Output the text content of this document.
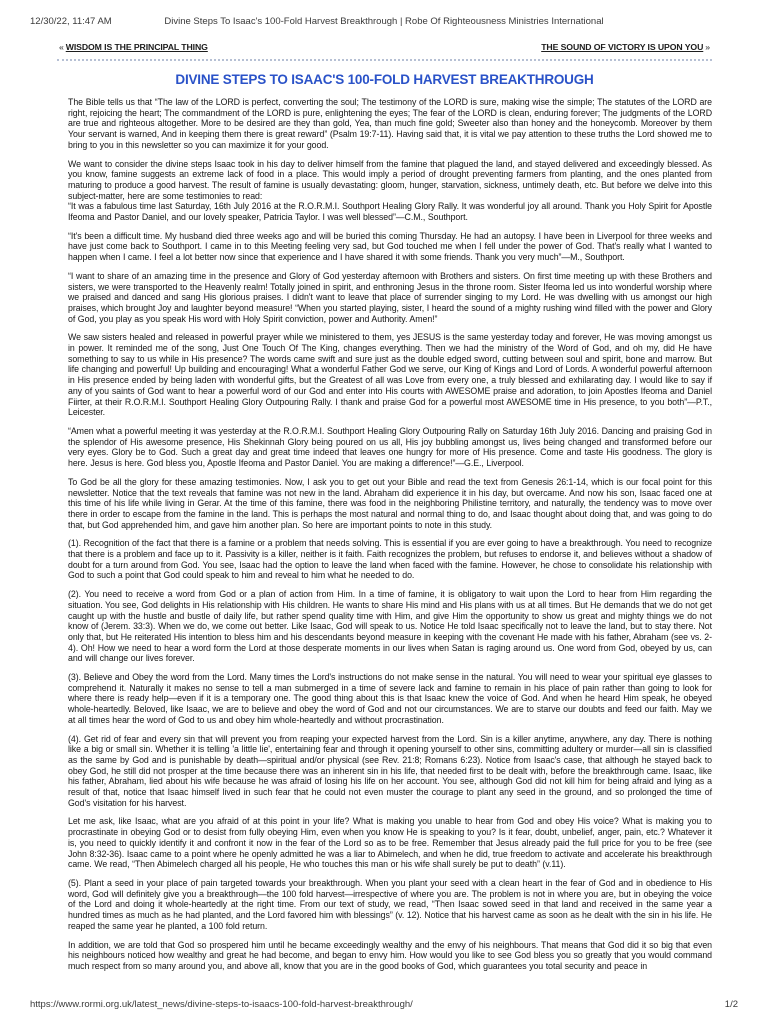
12/30/22, 11:47 AM	Divine Steps To Isaac's 100-Fold Harvest Breakthrough | Robe Of Righteousness Ministries International
« WISDOM IS THE PRINCIPAL THING	THE SOUND OF VICTORY IS UPON YOU »
DIVINE STEPS TO ISAAC'S 100-FOLD HARVEST BREAKTHROUGH

The Bible tells us that “The law of the LORD is perfect, converting the soul; The testimony of the LORD is sure, making wise the simple; The statutes of the LORD are right, rejoicing the heart; The commandment of the LORD is pure, enlightening the eyes; The fear of the LORD is clean, enduring forever; The judgments of the LORD are true and righteous altogether. More to be desired are they than gold, Yea, than much fine gold; Sweeter also than honey and the honeycomb. Moreover by them Your servant is warned, And in keeping them there is great reward” (Psalm 19:7-11). Having said that, it is vital we pay attention to these truths the Lord showed me to bring to you in this newsletter so you can maximize it for your good.

We want to consider the divine steps Isaac took in his day to deliver himself from the famine that plagued the land, and stayed delivered and exceedingly blessed. As you know, famine suggests an extreme lack of food in a place. This would imply a period of drought preventing farmers from planting, and the ones planted from maturing to produce a good harvest. The result of famine is usually devastating: gloom, hunger, starvation, sickness, untimely death, etc. But before we delve into this subject-matter, here are some testimonies to read:

“It was a fabulous time last Saturday, 16th July 2016 at the R.O.R.M.I. Southport Healing Glory Rally. It was wonderful joy all around. Thank you Holy Spirit for Apostle Ifeoma and Pastor Daniel, and our lovely speaker, Patricia Taylor. I was well blessed”—C.M., Southport.

“It's been a difficult time. My husband died three weeks ago and will be buried this coming Thursday. He had an autopsy. I have been in Liverpool for three weeks and have just come back to Southport. I came in to this Meeting feeling very sad, but God touched me when I fell under the power of God. That's really what I wanted to happen when I came. I feel a lot better now since that experience and I have shared it with some friends. Thank you very much”—M., Southport.

“I want to share of an amazing time in the presence and Glory of God yesterday afternoon with Brothers and sisters. On first time meeting up with these Brothers and sisters, we were transported to the Heavenly realm! Totally joined in spirit, and enthroning Jesus in the throne room. Sister Ifeoma led us into wonderful worship where we praised and danced and sang His glorious praises. I didn't want to leave that place of surrender singing to my Lord. He was dwelling with us amongst our high praises, which brought Joy and laughter beyond measure! “When you started playing, sister, I heard the sound of a mighty rushing wind filled with the power and Glory of God, you play as you speak His word with Holy Spirit conviction, power and Authority. Amen!”

We saw sisters healed and released in powerful prayer while we ministered to them, yes JESUS is the same yesterday today and forever, He was moving amongst us in power. It reminded me of the song, Just One Touch Of The King, changes everything. Then we had the ministry of the Word of God, and oh my, did He have something to say to us while in His presence? The words came swift and sure just as the double edged sword, cutting between soul and spirit, bone and marrow. But life changing and powerful! Up building and encouraging! What a wonderful Father God we serve, our King of Kings and Lord of Lords. A wonderful powerful afternoon in His presence ended by being laden with wonderful gifts, but the Greatest of all was Love from every one, a truly blessed and exhilarating day. I would like to say if any of you saints of God want to hear a powerful word of our God and enter into His courts with AWESOME praise and adoration, to join Apostles Ifeoma and Daniel Fiirter, at their R.O.R.M.I. Southport Healing Glory Outpouring Rally. I thank and praise God for a powerful most AWESOME time in His presence, to you both”—P.T., Leicester.

“Amen what a powerful meeting it was yesterday at the R.O.R.M.I. Southport Healing Glory Outpouring Rally on Saturday 16th July 2016. Dancing and praising God in the splendor of His awesome presence, His Shekinnah Glory being poured on us all, His joy bubbling amongst us, lives being changed and transformed before our very eyes. Glory be to God. Such a great day and great time indeed that leaves one hungry for more of His presence. Come and taste His goodness. The glory is here. Jesus is here. God bless you, Apostle Ifeoma and Pastor Daniel. You are making a difference!”—G.E., Liverpool.

To God be all the glory for these amazing testimonies. Now, I ask you to get out your Bible and read the text from Genesis 26:1-14, which is our focal point for this newsletter. Notice that the text reveals that famine was not new in the land. Abraham did experience it in his day, but overcame. And now his son, Isaac faced one at this time of his life while living in Gerar. At the time of this famine, there was food in the neighboring Philistine territory, and naturally, the tendency was to move over there in order to escape from the famine in the land. This is perhaps the most natural and normal thing to do, and Isaac thought about doing that, and was going to do that, but God apprehended him, and gave him another plan. So here are important points to note in this study.

(1). Recognition of the fact that there is a famine or a problem that needs solving. This is essential if you are ever going to have a breakthrough. You need to recognize that there is a problem and face up to it. Passivity is a killer, neither is it faith. Faith recognizes the problem, but refuses to endorse it, and believes without a shadow of doubt for a turn around from God. You see, Isaac had the option to leave the land when faced with the famine. However, he chose to consolidate his relationship with God to such a point that God could speak to him and reveal to him what he needed to do.

(2). You need to receive a word from God or a plan of action from Him. In a time of famine, it is obligatory to wait upon the Lord to hear from Him regarding the situation. You see, God delights in His relationship with His children. He wants to share His mind and His plans with us at all times. But He demands that we do not get caught up with the hustle and bustle of daily life, but rather spend quality time with Him, and give Him the opportunity to show us great and mighty things we do not know of (Jerem. 33:3). When we do, we come out better. Like Isaac, God will speak to us. Notice He told Isaac specifically not to leave the land, but to stay there. Not only that, but He reiterated His intention to bless him and his descendants beyond measure in keeping with the covenant He made with his father, Abraham (see vs. 2-4). Oh! How we need to hear a word form the Lord at those desperate moments in our lives when Satan is raging around us. One word from God, obeyed by us, can and will change our lives forever.

(3). Believe and Obey the word from the Lord. Many times the Lord's instructions do not make sense in the natural. You will need to wear your spiritual eye glasses to comprehend it. Naturally it makes no sense to tell a man submerged in a time of severe lack and famine to remain in his place of pain rather than going to look for where there is ready help—even if it is a temporary one. The good thing about this is that Isaac knew the voice of God. And when he heard Him speak, he obeyed whole-heartedly. Beloved, like Isaac, we are to believe and obey the word of God and not our circumstances. We are to starve our doubts and feed our faith. May we at all times hear the word of God to us and obey him whole-heartedly and without procrastination.

(4). Get rid of fear and every sin that will prevent you from reaping your expected harvest from the Lord. Sin is a killer anytime, anywhere, any day. There is nothing like a big or small sin. Whether it is telling 'a little lie', entertaining fear and through it opening yourself to other sins, committing adultery or murder—all sin is classified as the same by God and is punishable by death—spiritual and/or physical (see Rev. 21:8; Romans 6:23). Notice from Isaac's case, that although he stayed back to obey God, he still did not prosper at the time because there was an inherent sin in his life, that needed first to be dealt with, before the breakthrough came. Isaac, like his father, Abraham, lied about his wife because he was afraid of losing his life on her account. You see, although God did not kill him for being afraid and lying as a result of that, notice that Isaac himself lived in such fear that he could not even muster the courage to plant any seed in the ground, and so prolonged the time of God's visitation for his harvest.

Let me ask, like Isaac, what are you afraid of at this point in your life? What is making you unable to hear from God and obey His voice? What is making you to procrastinate in obeying God or to desist from fully obeying Him, even when you know He is speaking to you? Is it fear, doubt, unbelief, anger, pain, etc.? Whatever it is, you need to quickly identify it and confront it now in the fear of the Lord so as to be free. Remember that Jesus already paid the full price for you to be free (see John 8:32-36). Isaac came to a point where he openly admitted he was a liar to Abimelech, and when he did, true freedom to activate and accelerate his breakthrough came. We read, “Then Abimelech charged all his people, He who touches this man or his wife shall surely be put to death” (v.11).

(5). Plant a seed in your place of pain targeted towards your breakthrough. When you plant your seed with a clean heart in the fear of God and in obedience to His word, God will definitely give you a breakthrough—the 100 fold harvest—irrespective of where you are. The problem is not in where you are, but in obeying the voice of the Lord and doing it whole-heartedly at the right time. From our text of study, we read, “Then Isaac sowed seed in that land and received in the same year a hundred times as much as he had planted, and the Lord favored him with blessings” (v. 12). Notice that his harvest came as soon as he dealt with the sin in his life. He reaped the same year he planted, a 100 fold return.

In addition, we are told that God so prospered him until he became exceedingly wealthy and the envy of his neighbours. That means that God did it so big that even his neighbours noticed how wealthy and great he had become, and began to envy him. How would you like to see God bless you so greatly that you would command much respect from so many around you, and above all, know that you are in the good books of God, which guarantees you total security and peace in

https://www.rormi.org.uk/latest_news/divine-steps-to-isaacs-100-fold-harvest-breakthrough/	1/2
